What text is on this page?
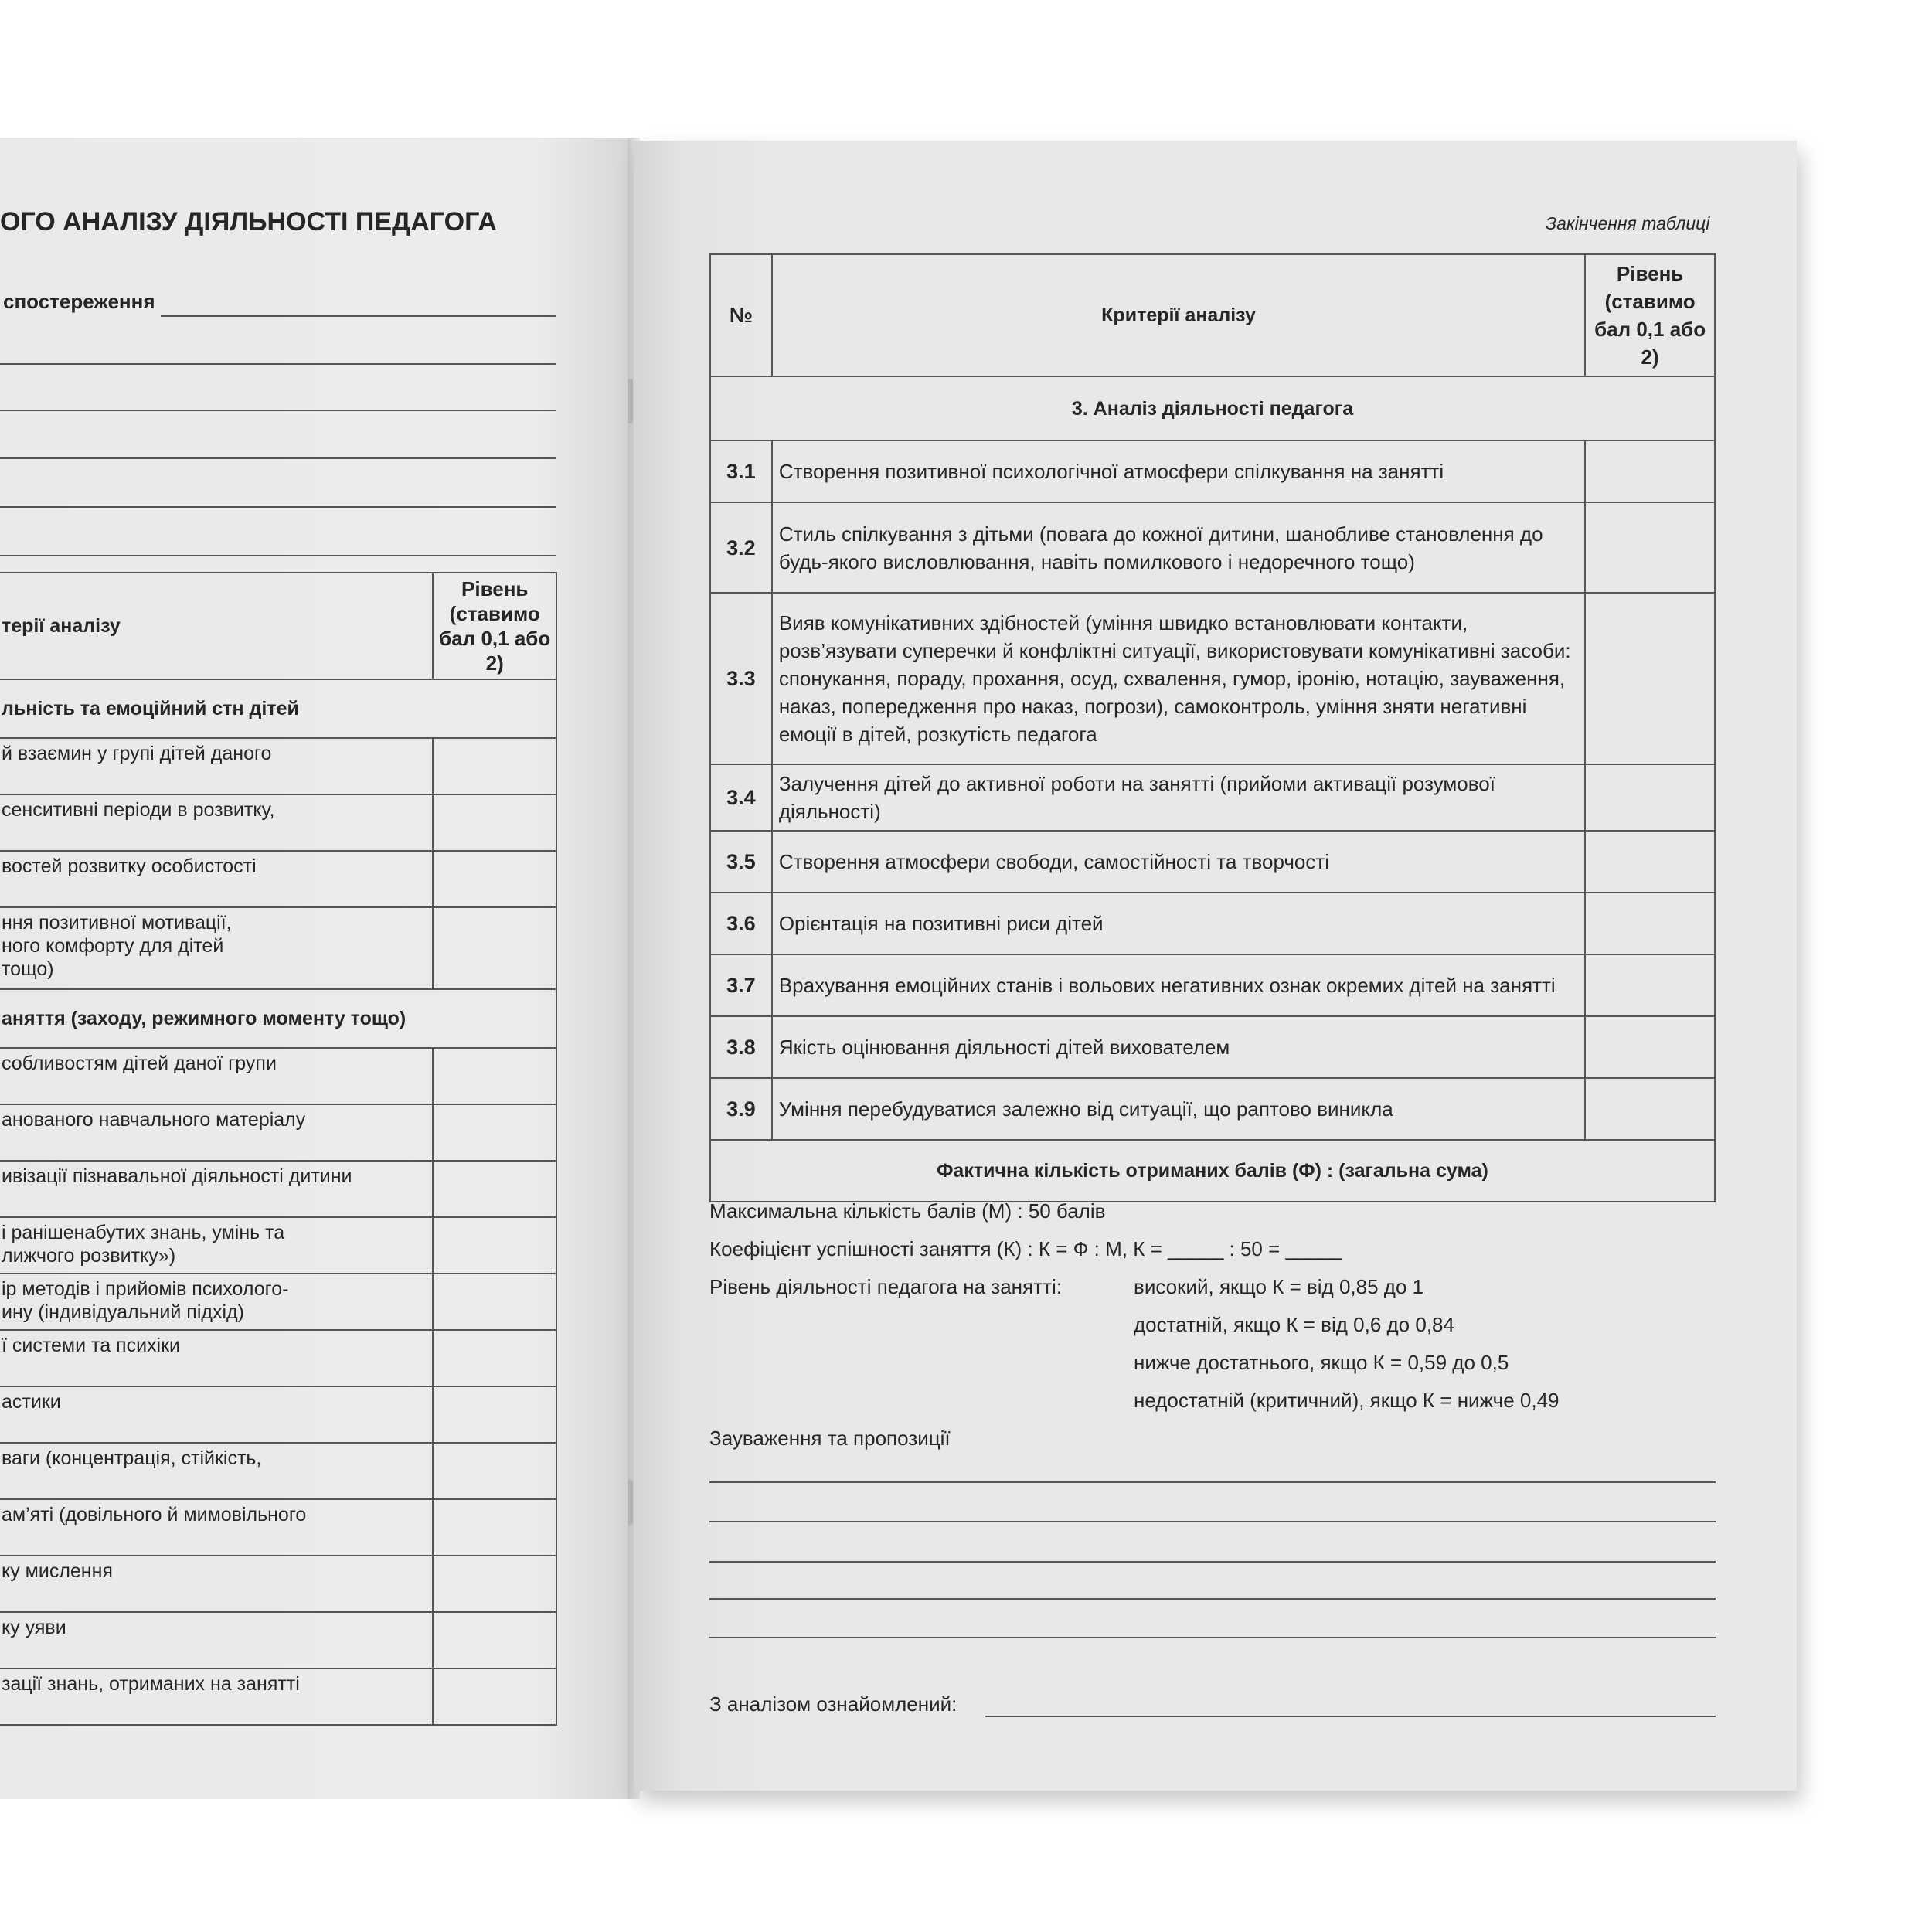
ОГО АНАЛІЗУ ДІЯЛЬНОСТІ ПЕДАГОГА
спостереження
терії аналізу	Рівень (ставимо бал 0,1 або 2)
льність та емоційний стн дітей	
й взаємин у групі дітей даного	
сенситивні періоди в розвитку,	
востей розвитку особистості	
ння позитивної мотивації,
ного комфорту для дітей
тощо)	
аняття (заходу, режимного моменту тощо)	
собливостям дітей даної групи	
анованого навчального матеріалу	
ивізації пізнавальної діяльності дитини	
і ранішенабутих знань, умінь та
лижчого розвитку»)	
ір методів і прийомів психолого-
ину (індивідуальний підхід)	
ї системи та психіки	
астики	
ваги (концентрація, стійкість,	
ам’яті (довільного й мимовільного	
ку мислення	
ку уяви	
зації знань, отриманих на занятті	
Закінчення таблиці
№	Критерії аналізу	Рівень (ставимо бал 0,1 або 2)
3. Аналіз діяльності педагога		
3.1	Створення позитивної психологічної атмосфери спілкування на занятті	
3.2	Стиль спілкування з дітьми (повага до кожної дитини, шанобливе становлення до будь-якого висловлювання, навіть помилкового і недоречного тощо)	
3.3	Вияв комунікативних здібностей (уміння швидко встановлювати контакти, розв’язувати суперечки й конфліктні ситуації, використовувати комунікативні засоби: спонукання, пораду, прохання, осуд, схвалення, гумор, іронію, нотацію, зауваження, наказ, попередження про наказ, погрози), самоконтроль, уміння зняти негативні емоції в дітей, розкутість педагога	
3.4	Залучення дітей до активної роботи на занятті (прийоми активації розумової діяльності)	
3.5	Створення атмосфери свободи, самостійності та творчості	
3.6	Орієнтація на позитивні риси дітей	
3.7	Врахування емоційних станів і вольових негативних ознак окремих дітей на занятті	
3.8	Якість оцінювання діяльності дітей вихователем	
3.9	Уміння перебудуватися залежно від ситуації, що раптово виникла	
Фактична кількість отриманих балів (Ф) : (загальна сума)		
Максимальна кількість балів (М) : 50 балів
Коефіцієнт успішності заняття (К) : К = Ф : М, К = _____ : 50 = _____
Рівень діяльності педагога на занятті:	високий, якщо К = від 0,85 до 1
достатній, якщо К = від 0,6 до 0,84
нижче достатнього, якщо К = 0,59 до 0,5
недостатній (критичний), якщо К = нижче 0,49
Зауваження та пропозиції
З аналізом ознайомлений:
